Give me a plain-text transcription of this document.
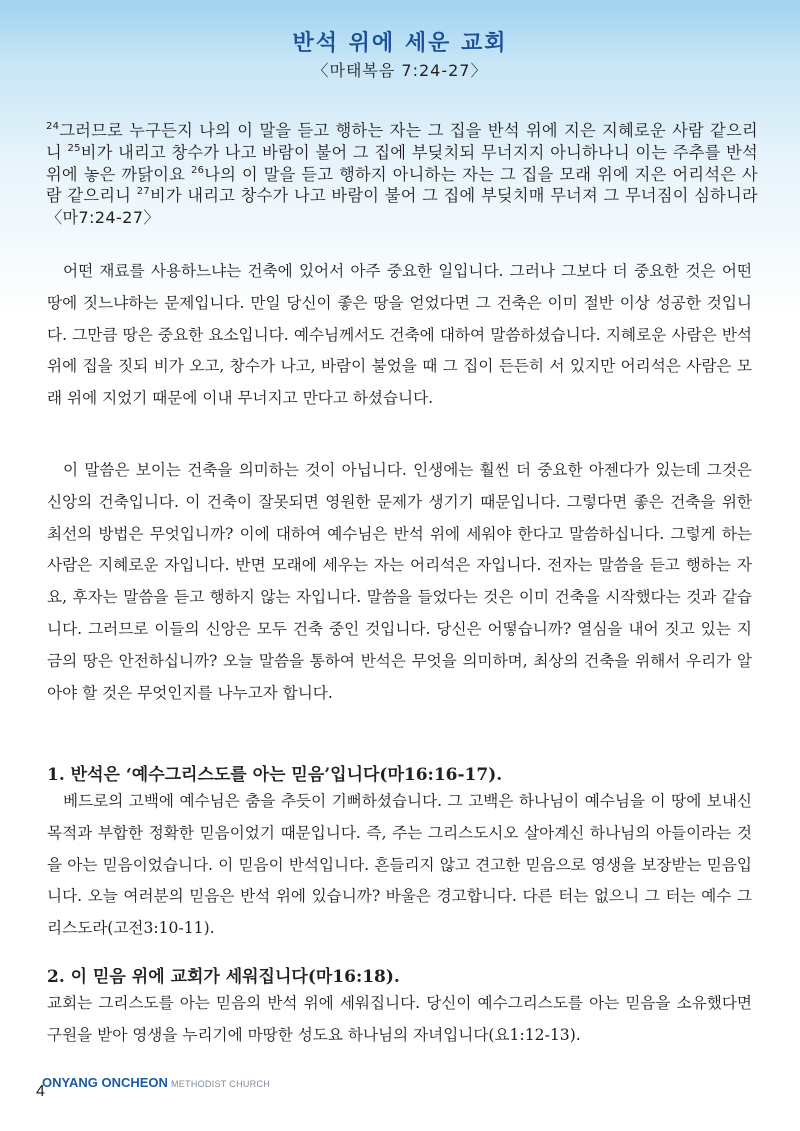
반석 위에 세운 교회
〈마태복음 7:24-27〉
$^{24}$그러므로 누구든지 나의 이 말을 듣고 행하는 자는 그 집을 반석 위에 지은 지혜로운 사람 같으리니 $^{25}$비가 내리고 창수가 나고 바람이 불어 그 집에 부딪치되 무너지지 아니하나니 이는 주추를 반석 위에 놓은 까닭이요 $^{26}$나의 이 말을 듣고 행하지 아니하는 자는 그 집을 모래 위에 지은 어리석은 사람 같으리니 $^{27}$비가 내리고 창수가 나고 바람이 불어 그 집에 부딪치매 무너져 그 무너짐이 심하니라〈마7:24-27〉
어떤 재료를 사용하느냐는 건축에 있어서 아주 중요한 일입니다. 그러나 그보다 더 중요한 것은 어떤 땅에 짓느냐하는 문제입니다. 만일 당신이 좋은 땅을 얻었다면 그 건축은 이미 절반 이상 성공한 것입니다. 그만큼 땅은 중요한 요소입니다. 예수님께서도 건축에 대하여 말씀하셨습니다. 지혜로운 사람은 반석 위에 집을 짓되 비가 오고, 창수가 나고, 바람이 불었을 때 그 집이 든든히 서 있지만 어리석은 사람은 모래 위에 지었기 때문에 이내 무너지고 만다고 하셨습니다.
이 말씀은 보이는 건축을 의미하는 것이 아닙니다. 인생에는 훨씬 더 중요한 아젠다가 있는데 그것은 신앙의 건축입니다. 이 건축이 잘못되면 영원한 문제가 생기기 때문입니다. 그렇다면 좋은 건축을 위한 최선의 방법은 무엇입니까? 이에 대하여 예수님은 반석 위에 세워야 한다고 말씀하십니다. 그렇게 하는 사람은 지혜로운 자입니다. 반면 모래에 세우는 자는 어리석은 자입니다. 전자는 말씀을 듣고 행하는 자요, 후자는 말씀을 듣고 행하지 않는 자입니다. 말씀을 들었다는 것은 이미 건축을 시작했다는 것과 같습니다. 그러므로 이들의 신앙은 모두 건축 중인 것입니다. 당신은 어떻습니까? 열심을 내어 짓고 있는 지금의 땅은 안전하십니까? 오늘 말씀을 통하여 반석은 무엇을 의미하며, 최상의 건축을 위해서 우리가 알아야 할 것은 무엇인지를 나누고자 합니다.
1. 반석은 ‘예수그리스도를 아는 믿음’입니다(마16:16-17).
베드로의 고백에 예수님은 춤을 추듯이 기뻐하셨습니다. 그 고백은 하나님이 예수님을 이 땅에 보내신 목적과 부합한 정확한 믿음이었기 때문입니다. 즉, 주는 그리스도시오 살아계신 하나님의 아들이라는 것을 아는 믿음이었습니다. 이 믿음이 반석입니다. 흔들리지 않고 견고한 믿음으로 영생을 보장받는 믿음입니다. 오늘 여러분의 믿음은 반석 위에 있습니까? 바울은 경고합니다. 다른 터는 없으니 그 터는 예수 그리스도라(고전3:10-11).
2. 이 믿음 위에 교회가 세워집니다(마16:18).
교회는 그리스도를 아는 믿음의 반석 위에 세워집니다. 당신이 예수그리스도를 아는 믿음을 소유했다면 구원을 받아 영생을 누리기에 마땅한 성도요 하나님의 자녀입니다(요1:12-13).
ONYANG ONCHEON METHODIST CHURCH
4
